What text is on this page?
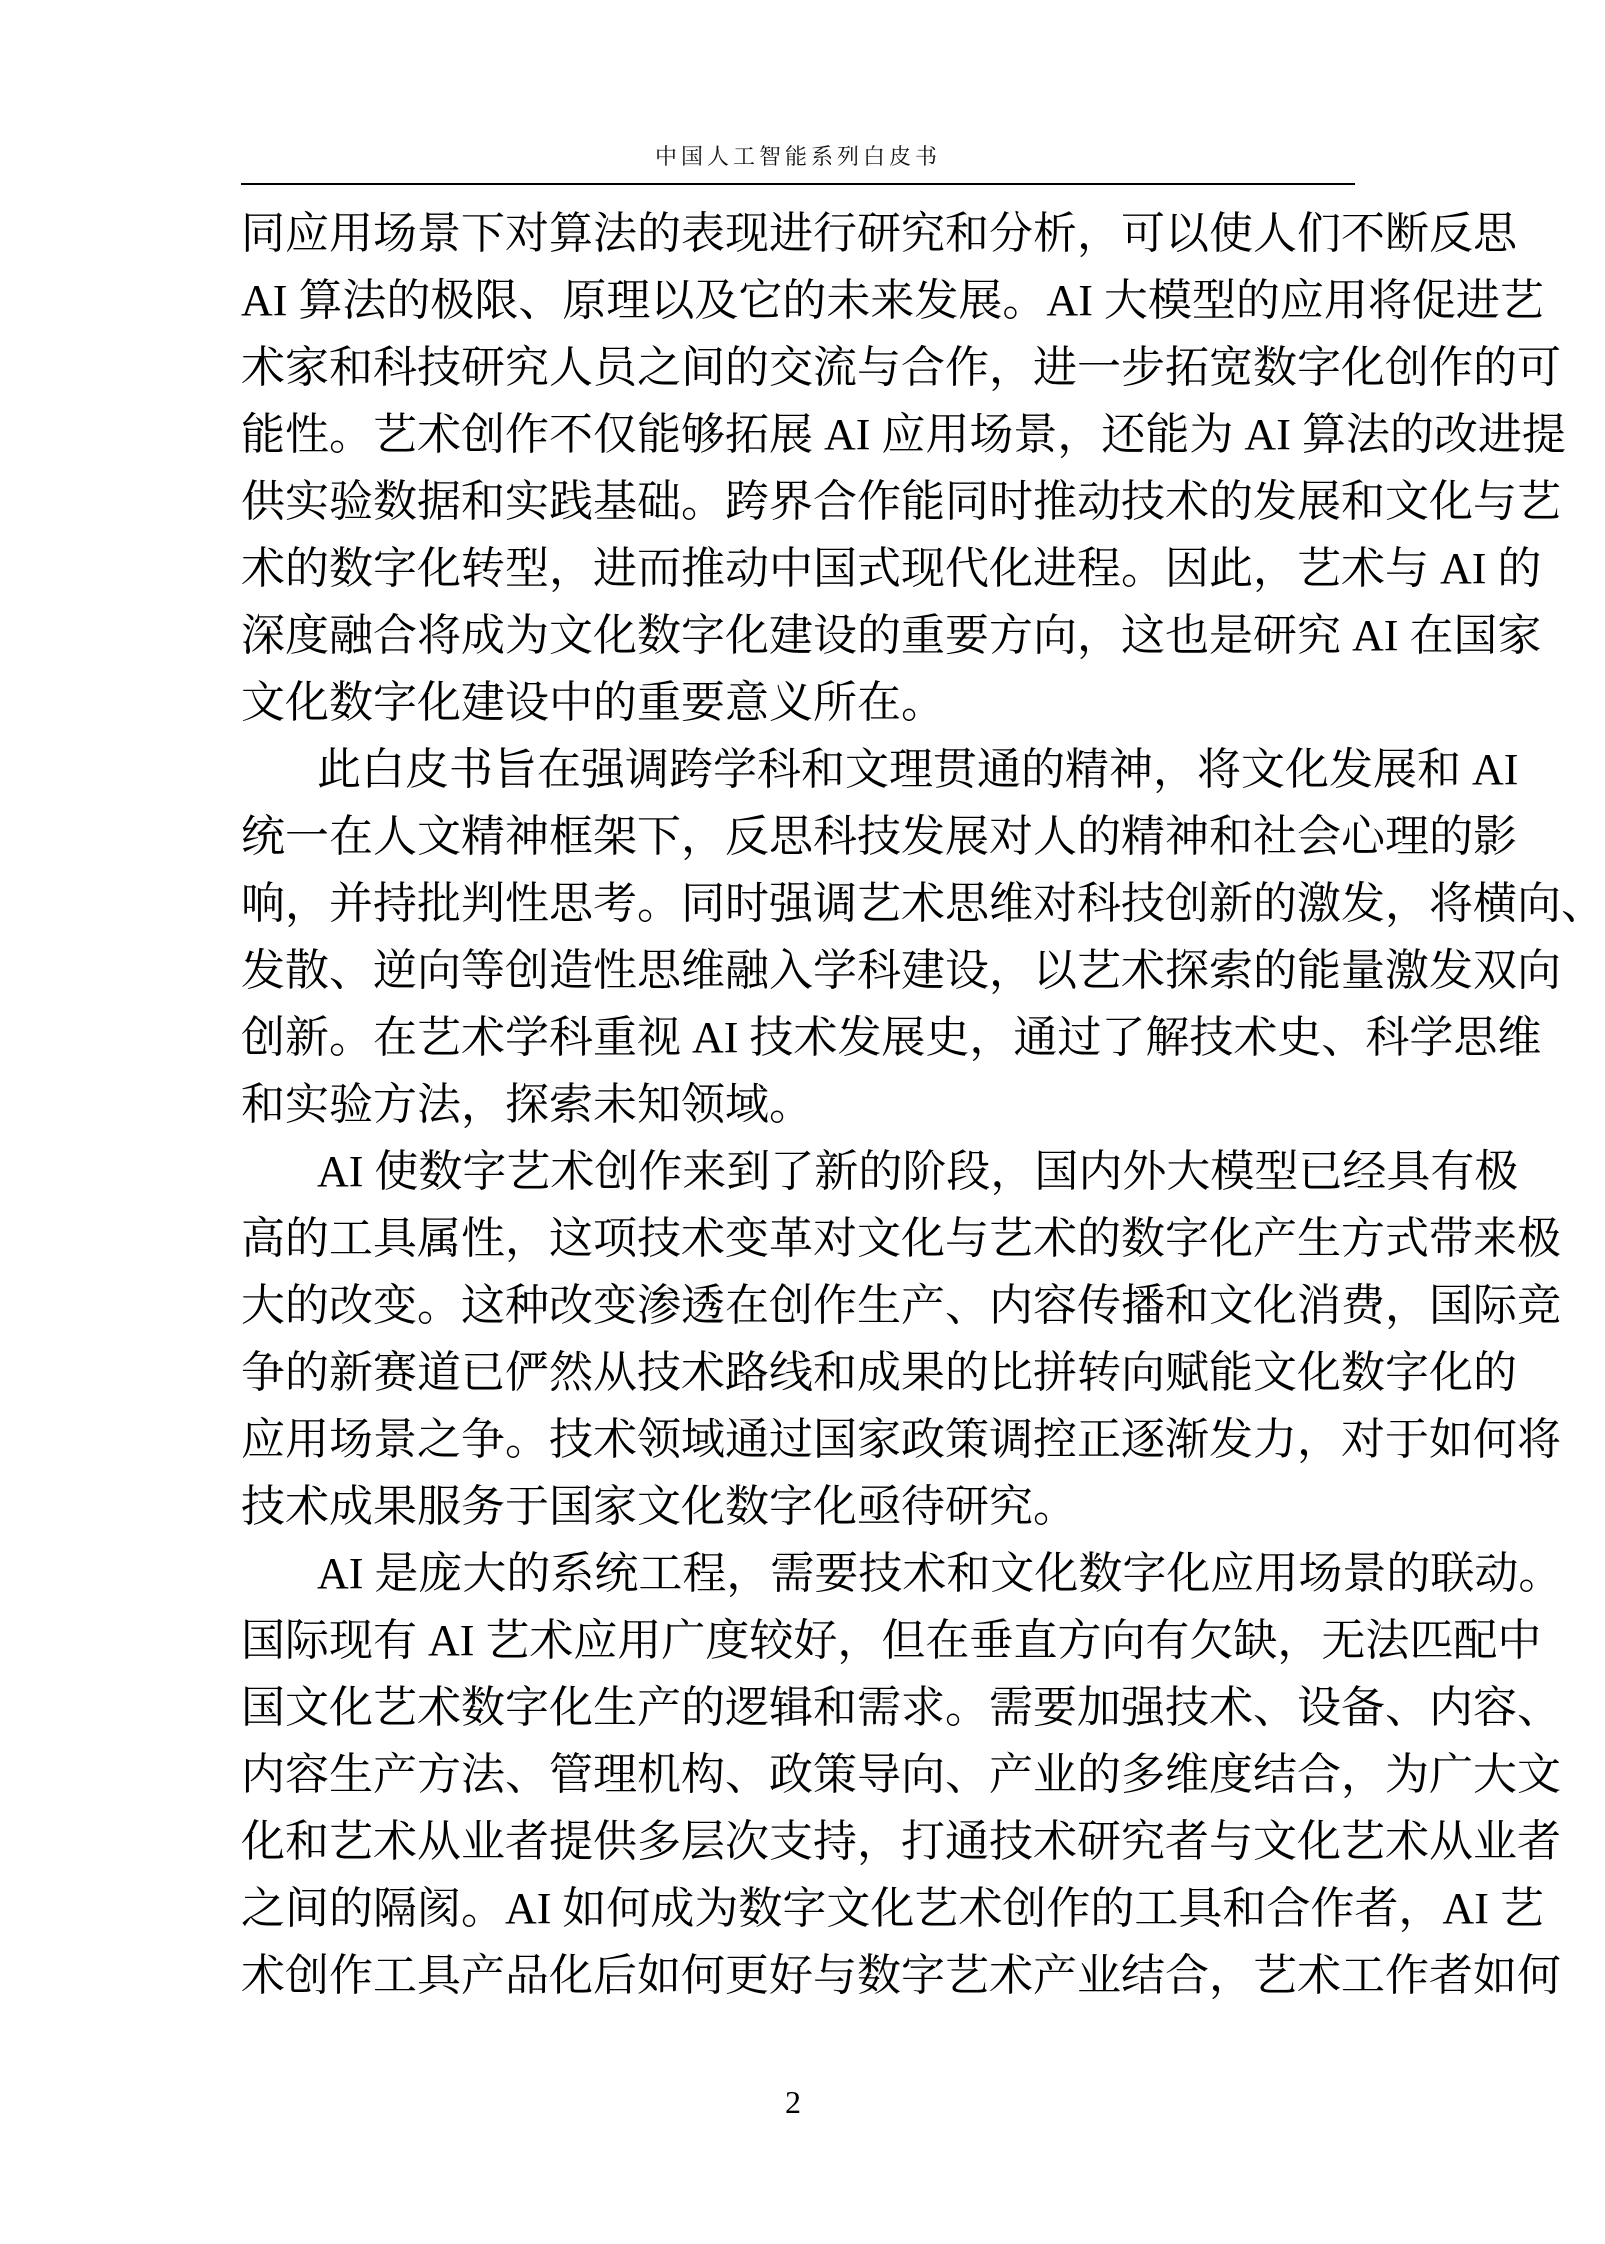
中国人工智能系列白皮书
同应用场景下对算法的表现进行研究和分析，可以使人们不断反思
AI 算法的极限、原理以及它的未来发展。AI 大模型的应用将促进艺
术家和科技研究人员之间的交流与合作，进一步拓宽数字化创作的可
能性。艺术创作不仅能够拓展 AI 应用场景，还能为 AI 算法的改进提
供实验数据和实践基础。跨界合作能同时推动技术的发展和文化与艺
术的数字化转型，进而推动中国式现代化进程。因此，艺术与 AI 的
深度融合将成为文化数字化建设的重要方向，这也是研究 AI 在国家
文化数字化建设中的重要意义所在。
此白皮书旨在强调跨学科和文理贯通的精神，将文化发展和 AI
统一在人文精神框架下，反思科技发展对人的精神和社会心理的影
响，并持批判性思考。同时强调艺术思维对科技创新的激发，将横向、
发散、逆向等创造性思维融入学科建设，以艺术探索的能量激发双向
创新。在艺术学科重视 AI 技术发展史，通过了解技术史、科学思维
和实验方法，探索未知领域。
AI 使数字艺术创作来到了新的阶段，国内外大模型已经具有极
高的工具属性，这项技术变革对文化与艺术的数字化产生方式带来极
大的改变。这种改变渗透在创作生产、内容传播和文化消费，国际竞
争的新赛道已俨然从技术路线和成果的比拼转向赋能文化数字化的
应用场景之争。技术领域通过国家政策调控正逐渐发力，对于如何将
技术成果服务于国家文化数字化亟待研究。
AI 是庞大的系统工程，需要技术和文化数字化应用场景的联动。
国际现有 AI 艺术应用广度较好，但在垂直方向有欠缺，无法匹配中
国文化艺术数字化生产的逻辑和需求。需要加强技术、设备、内容、
内容生产方法、管理机构、政策导向、产业的多维度结合，为广大文
化和艺术从业者提供多层次支持，打通技术研究者与文化艺术从业者
之间的隔阂。AI 如何成为数字文化艺术创作的工具和合作者，AI 艺
术创作工具产品化后如何更好与数字艺术产业结合，艺术工作者如何
2
